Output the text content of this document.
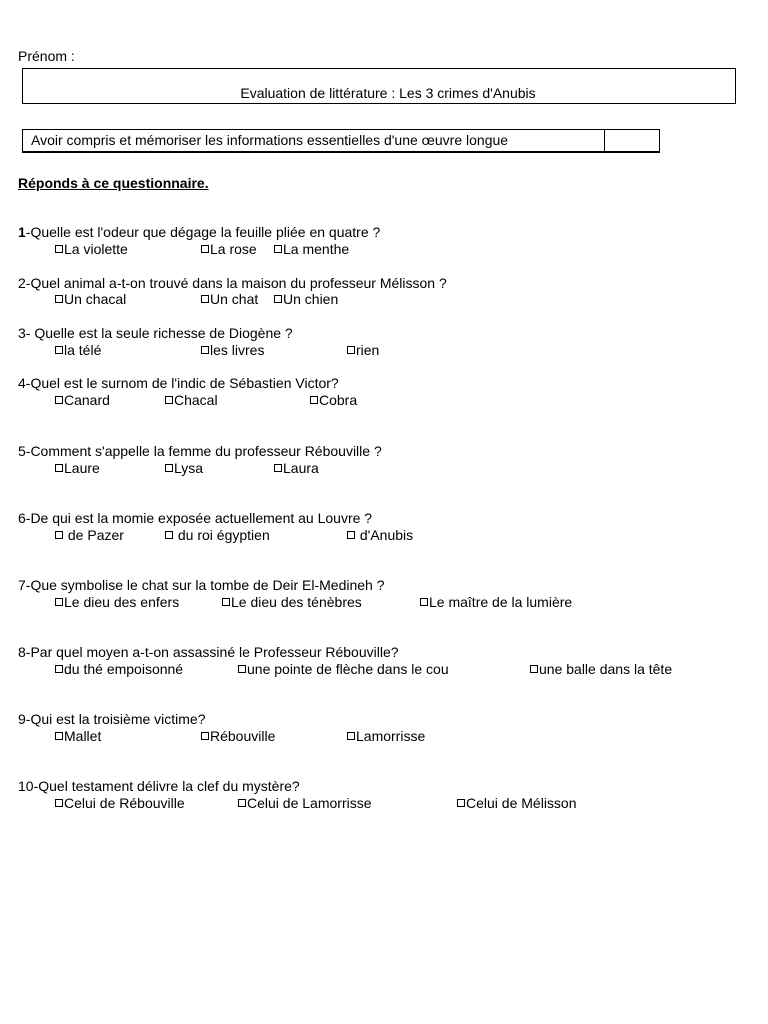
Prénom :
Evaluation de littérature : Les 3 crimes d'Anubis
Avoir compris et mémoriser les informations essentielles d'une œuvre longue
Réponds à ce questionnaire.
1-Quelle est l'odeur que dégage la feuille pliée en quatre ?
La violette	La rose	La menthe
2-Quel animal a-t-on trouvé dans la maison du professeur Mélisson ?
Un chacal	Un chat	Un chien
3- Quelle est la seule richesse de Diogène ?
la télé	les livres	rien
4-Quel est le surnom de l'indic de Sébastien Victor?
Canard	Chacal	Cobra
5-Comment s'appelle la femme du professeur Rébouville ?
Laure	Lysa	Laura
6-De qui est la momie exposée actuellement au Louvre ?
de Pazer	du roi égyptien	d'Anubis
7-Que symbolise le chat sur la tombe de Deir El-Medineh ?
Le dieu des enfers	Le dieu des ténèbres	Le maître de la lumière
8-Par quel moyen a-t-on assassiné le Professeur Rébouville?
du thé empoisonné	une pointe de flèche dans le cou	une balle dans la tête
9-Qui est la troisième victime?
Mallet	Rébouville	Lamorrisse
10-Quel testament délivre la clef du mystère?
Celui de Rébouville	Celui de Lamorrisse	Celui de Mélisson
